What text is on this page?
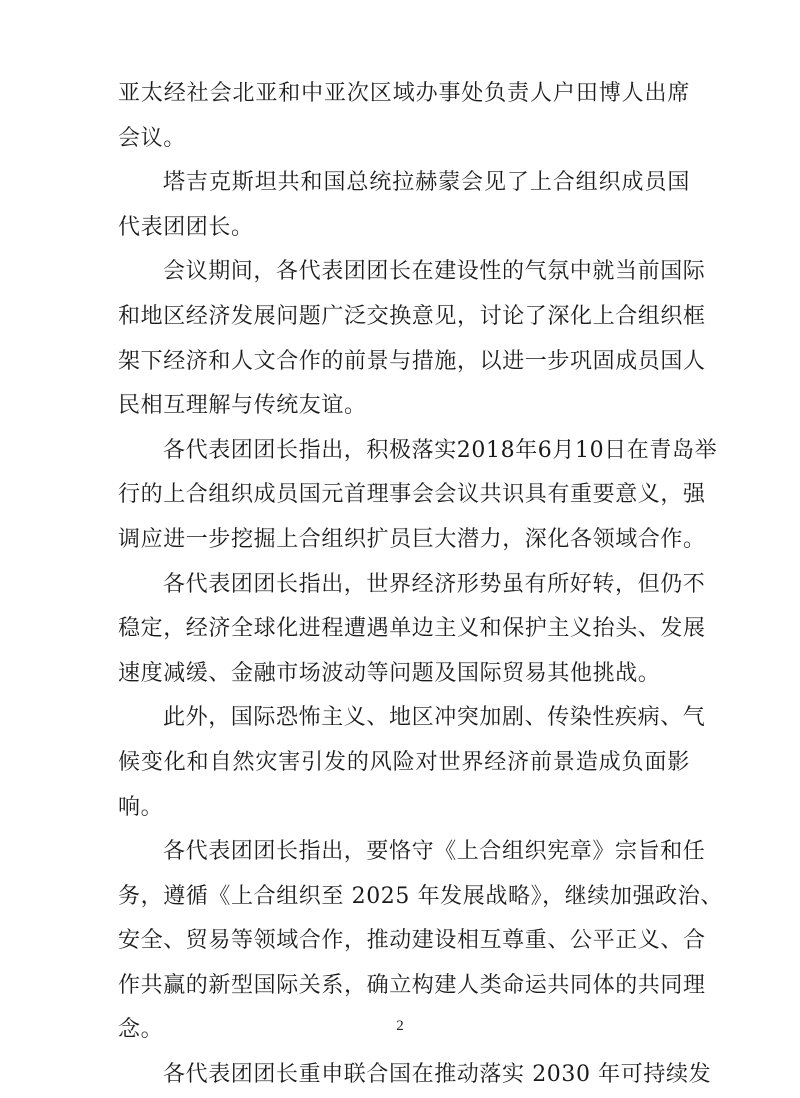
亚太经社会北亚和中亚次区域办事处负责人户田博人出席
会议。

塔吉克斯坦共和国总统拉赫蒙会见了上合组织成员国
代表团团长。

会议期间，各代表团团长在建设性的气氛中就当前国际
和地区经济发展问题广泛交换意见，讨论了深化上合组织框
架下经济和人文合作的前景与措施，以进一步巩固成员国人
民相互理解与传统友谊。

各代表团团长指出，积极落实2018年6月10日在青岛举
行的上合组织成员国元首理事会会议共识具有重要意义，强
调应进一步挖掘上合组织扩员巨大潜力，深化各领域合作。

各代表团团长指出，世界经济形势虽有所好转，但仍不
稳定，经济全球化进程遭遇单边主义和保护主义抬头、发展
速度减缓、金融市场波动等问题及国际贸易其他挑战。

此外，国际恐怖主义、地区冲突加剧、传染性疾病、气
候变化和自然灾害引发的风险对世界经济前景造成负面影
响。

各代表团团长指出，要恪守《上合组织宪章》宗旨和任
务，遵循《上合组织至 2025 年发展战略》，继续加强政治、
安全、贸易等领域合作，推动建设相互尊重、公平正义、合
作共赢的新型国际关系，确立构建人类命运共同体的共同理
念。

各代表团团长重申联合国在推动落实 2030 年可持续发

2
